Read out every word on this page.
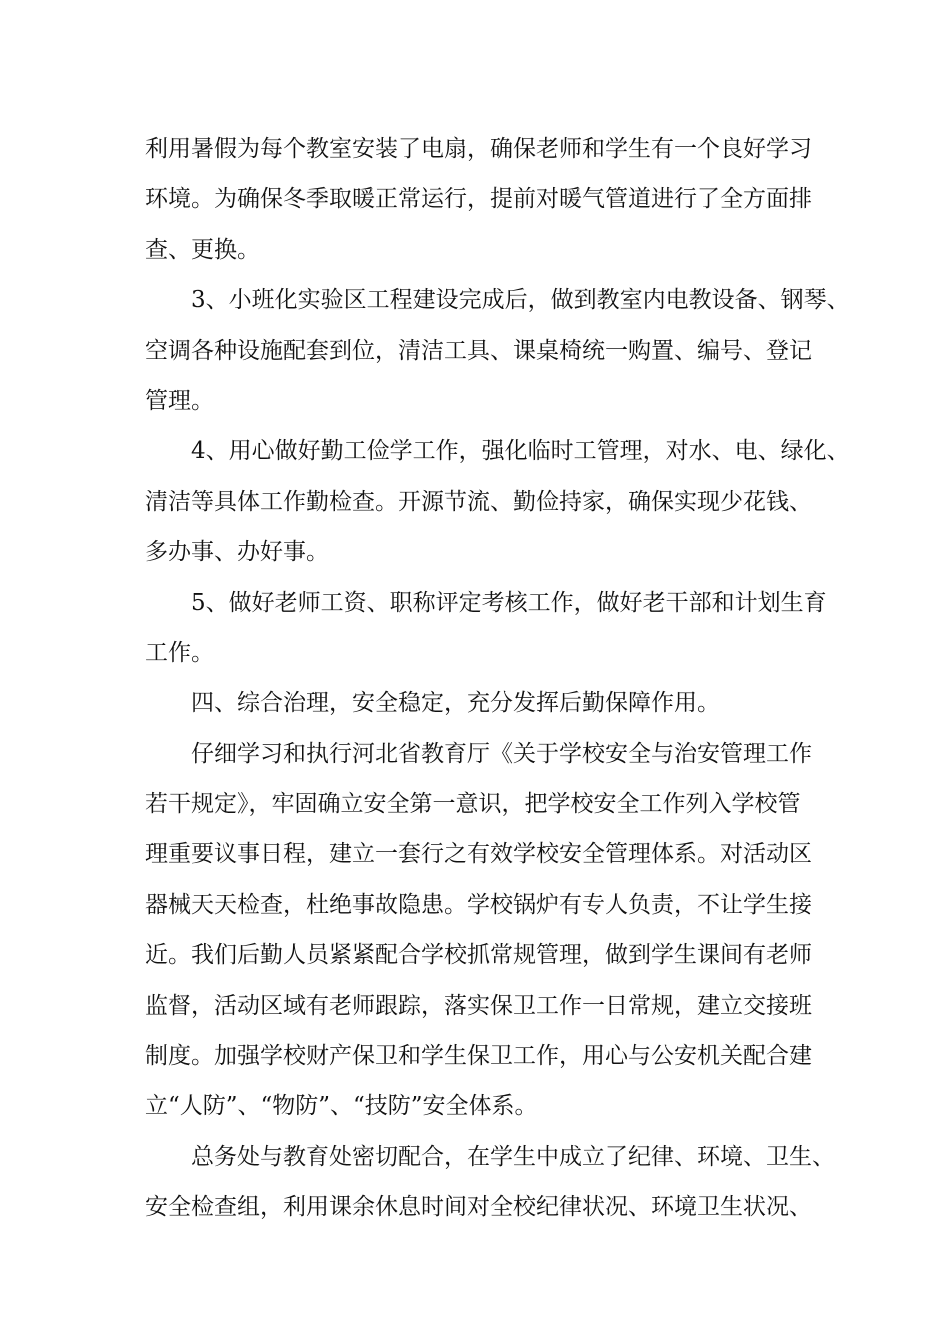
利用暑假为每个教室安装了电扇，确保老师和学生有一个良好学习
环境。为确保冬季取暖正常运行，提前对暖气管道进行了全方面排
查、更换。
3、小班化实验区工程建设完成后，做到教室内电教设备、钢琴、
空调各种设施配套到位，清洁工具、课桌椅统一购置、编号、登记
管理。
4、用心做好勤工俭学工作，强化临时工管理，对水、电、绿化、
清洁等具体工作勤检查。开源节流、勤俭持家，确保实现少花钱、
多办事、办好事。
5、做好老师工资、职称评定考核工作，做好老干部和计划生育
工作。
四、综合治理，安全稳定，充分发挥后勤保障作用。
仔细学习和执行河北省教育厅《关于学校安全与治安管理工作
若干规定》，牢固确立安全第一意识，把学校安全工作列入学校管
理重要议事日程，建立一套行之有效学校安全管理体系。对活动区
器械天天检查，杜绝事故隐患。学校锅炉有专人负责，不让学生接
近。我们后勤人员紧紧配合学校抓常规管理，做到学生课间有老师
监督，活动区域有老师跟踪，落实保卫工作一日常规，建立交接班
制度。加强学校财产保卫和学生保卫工作，用心与公安机关配合建
立“人防”、“物防”、“技防”安全体系。
总务处与教育处密切配合，在学生中成立了纪律、环境、卫生、
安全检查组，利用课余休息时间对全校纪律状况、环境卫生状况、
